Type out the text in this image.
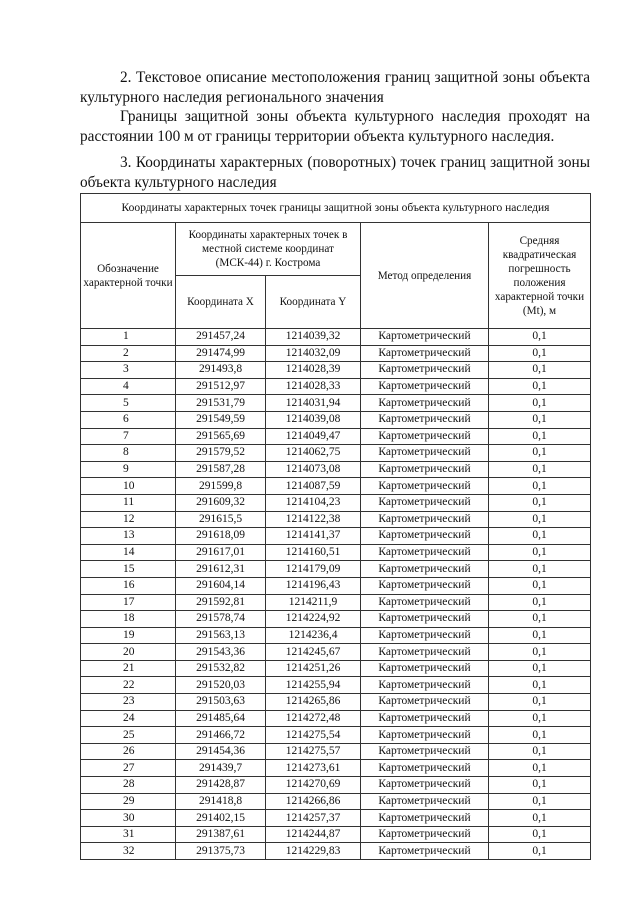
2. Текстовое описание местоположения границ защитной зоны объекта культурного наследия регионального значения

Границы защитной зоны объекта культурного наследия проходят на расстоянии 100 м от границы территории объекта культурного наследия.

3. Координаты характерных (поворотных) точек границ защитной зоны объекта культурного наследия

Координаты характерных точек границы защитной зоны объекта культурного наследия				
Обозначение характерной точки	Координаты характерных точек в местной системе координат (МСК-44) г. Кострома		Метод определения	Средняя квадратическая погрешность положения характерной точки (Mt), м
	Координата X	Координата Y		
1	291457,24	1214039,32	Картометрический	0,1
2	291474,99	1214032,09	Картометрический	0,1
3	291493,8	1214028,39	Картометрический	0,1
4	291512,97	1214028,33	Картометрический	0,1
5	291531,79	1214031,94	Картометрический	0,1
6	291549,59	1214039,08	Картометрический	0,1
7	291565,69	1214049,47	Картометрический	0,1
8	291579,52	1214062,75	Картометрический	0,1
9	291587,28	1214073,08	Картометрический	0,1
10	291599,8	1214087,59	Картометрический	0,1
11	291609,32	1214104,23	Картометрический	0,1
12	291615,5	1214122,38	Картометрический	0,1
13	291618,09	1214141,37	Картометрический	0,1
14	291617,01	1214160,51	Картометрический	0,1
15	291612,31	1214179,09	Картометрический	0,1
16	291604,14	1214196,43	Картометрический	0,1
17	291592,81	1214211,9	Картометрический	0,1
18	291578,74	1214224,92	Картометрический	0,1
19	291563,13	1214236,4	Картометрический	0,1
20	291543,36	1214245,67	Картометрический	0,1
21	291532,82	1214251,26	Картометрический	0,1
22	291520,03	1214255,94	Картометрический	0,1
23	291503,63	1214265,86	Картометрический	0,1
24	291485,64	1214272,48	Картометрический	0,1
25	291466,72	1214275,54	Картометрический	0,1
26	291454,36	1214275,57	Картометрический	0,1
27	291439,7	1214273,61	Картометрический	0,1
28	291428,87	1214270,69	Картометрический	0,1
29	291418,8	1214266,86	Картометрический	0,1
30	291402,15	1214257,37	Картометрический	0,1
31	291387,61	1214244,87	Картометрический	0,1
32	291375,73	1214229,83	Картометрический	0,1
